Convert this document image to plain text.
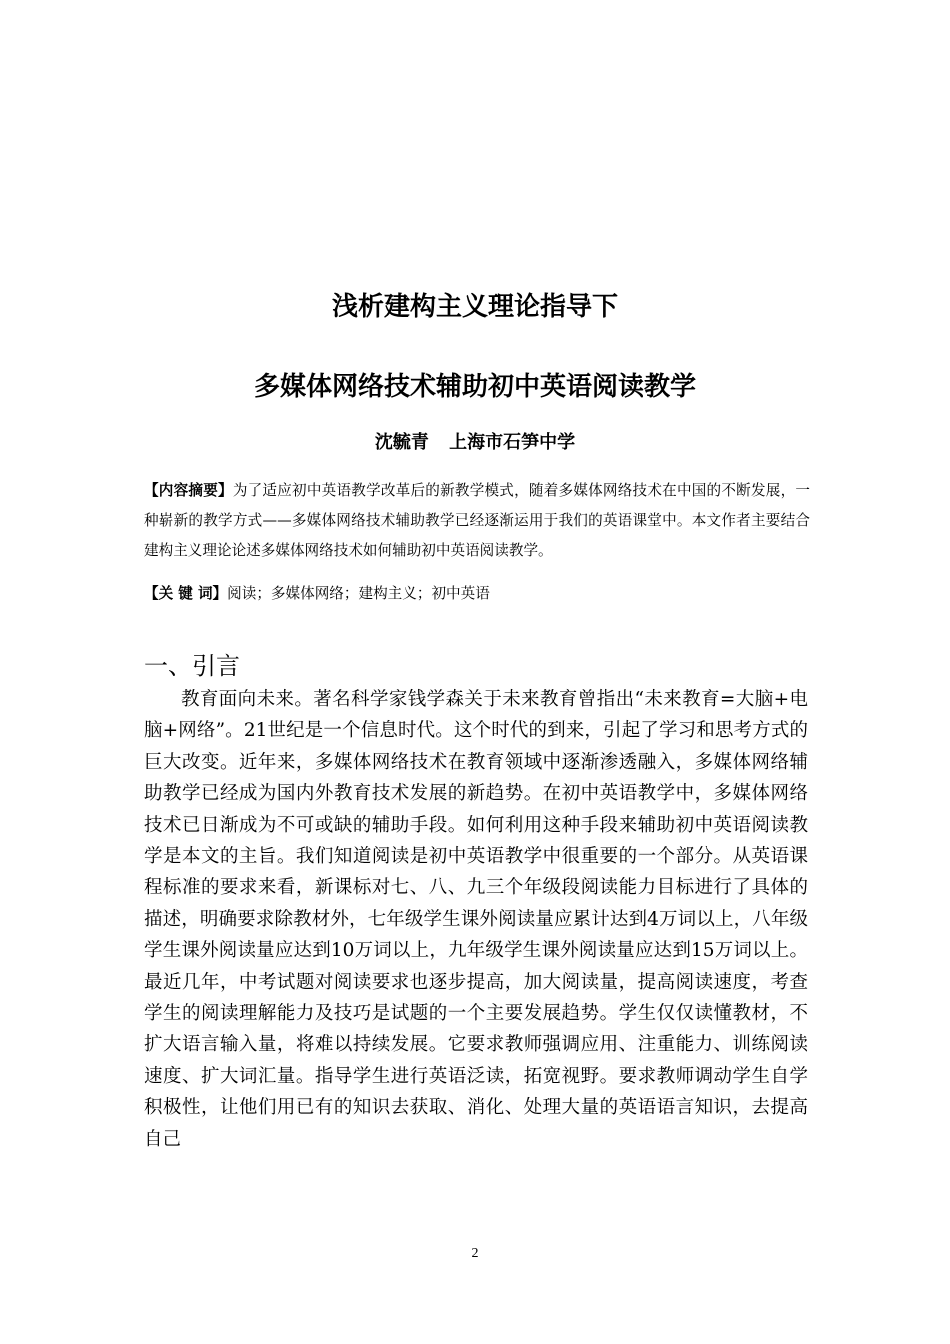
浅析建构主义理论指导下
多媒体网络技术辅助初中英语阅读教学
沈毓青 上海市石笋中学

【内容摘要】为了适应初中英语教学改革后的新教学模式，随着多媒体网络技术在中国的不断发展，一种崭新的教学方式——多媒体网络技术辅助教学已经逐渐运用于我们的英语课堂中。本文作者主要结合建构主义理论论述多媒体网络技术如何辅助初中英语阅读教学。

【关 键 词】阅读；多媒体网络；建构主义；初中英语

一、引言

教育面向未来。著名科学家钱学森关于未来教育曾指出“未来教育=大脑+电脑+网络”。21世纪是一个信息时代。这个时代的到来，引起了学习和思考方式的巨大改变。近年来，多媒体网络技术在教育领域中逐渐渗透融入，多媒体网络辅助教学已经成为国内外教育技术发展的新趋势。在初中英语教学中，多媒体网络技术已日渐成为不可或缺的辅助手段。如何利用这种手段来辅助初中英语阅读教学是本文的主旨。我们知道阅读是初中英语教学中很重要的一个部分。从英语课程标准的要求来看，新课标对七、八、九三个年级段阅读能力目标进行了具体的描述，明确要求除教材外，七年级学生课外阅读量应累计达到4万词以上，八年级学生课外阅读量应达到10万词以上，九年级学生课外阅读量应达到15万词以上。最近几年，中考试题对阅读要求也逐步提高，加大阅读量，提高阅读速度，考查学生的阅读理解能力及技巧是试题的一个主要发展趋势。学生仅仅读懂教材，不扩大语言输入量，将难以持续发展。它要求教师强调应用、注重能力、训练阅读速度、扩大词汇量。指导学生进行英语泛读，拓宽视野。要求教师调动学生自学积极性，让他们用已有的知识去获取、消化、处理大量的英语语言知识，去提高自己

2
